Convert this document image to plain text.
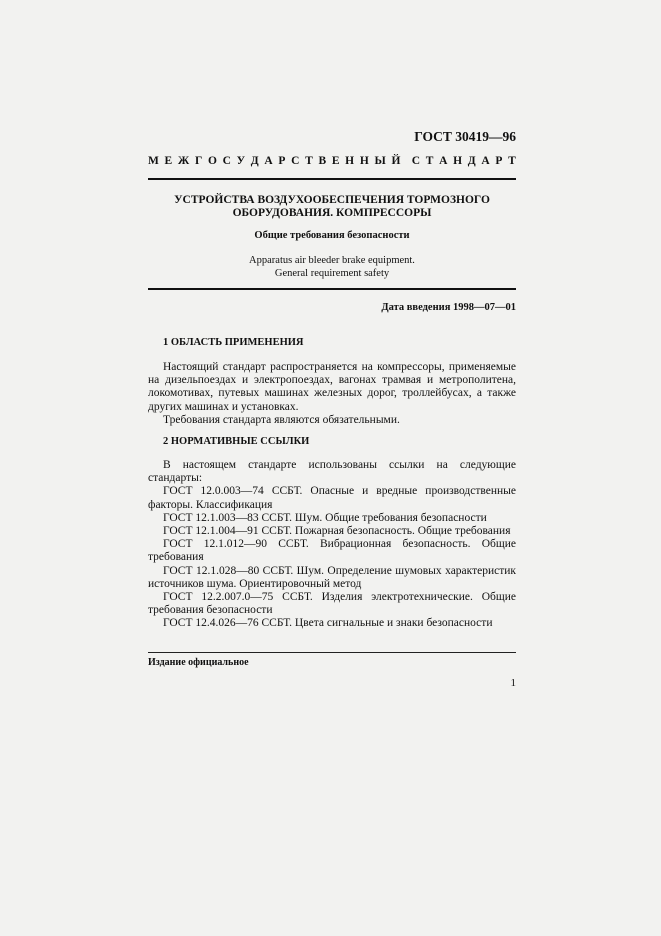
ГОСТ 30419—96
М Е Ж Г О С У Д А Р С Т В Е Н Н Ы Й С Т А Н Д А Р Т
УСТРОЙСТВА ВОЗДУХООБЕСПЕЧЕНИЯ ТОРМОЗНОГО
ОБОРУДОВАНИЯ. КОМПРЕССОРЫ
Общие требования безопасности
Apparatus air bleeder brake equipment.
General requirement safety
Дата введения 1998—07—01
1 ОБЛАСТЬ ПРИМЕНЕНИЯ

Настоящий стандарт распространяется на компрессоры, применяемые на дизельпоездах и электропоездах, вагонах трамвая и метрополитена, локомотивах, путевых машинах железных дорог, троллейбусах, а также других машинах и установках.

Требования стандарта являются обязательными.

2 НОРМАТИВНЫЕ ССЫЛКИ

В настоящем стандарте использованы ссылки на следующие стандарты:

ГОСТ 12.0.003—74 ССБТ. Опасные и вредные производственные факторы. Классификация

ГОСТ 12.1.003—83 ССБТ. Шум. Общие требования безопасности

ГОСТ 12.1.004—91 ССБТ. Пожарная безопасность. Общие требования

ГОСТ 12.1.012—90 ССБТ. Вибрационная безопасность. Общие требования

ГОСТ 12.1.028—80 ССБТ. Шум. Определение шумовых характеристик источников шума. Ориентировочный метод

ГОСТ 12.2.007.0—75 ССБТ. Изделия электротехнические. Общие требования безопасности

ГОСТ 12.4.026—76 ССБТ. Цвета сигнальные и знаки безопасности

Издание официальное
1
